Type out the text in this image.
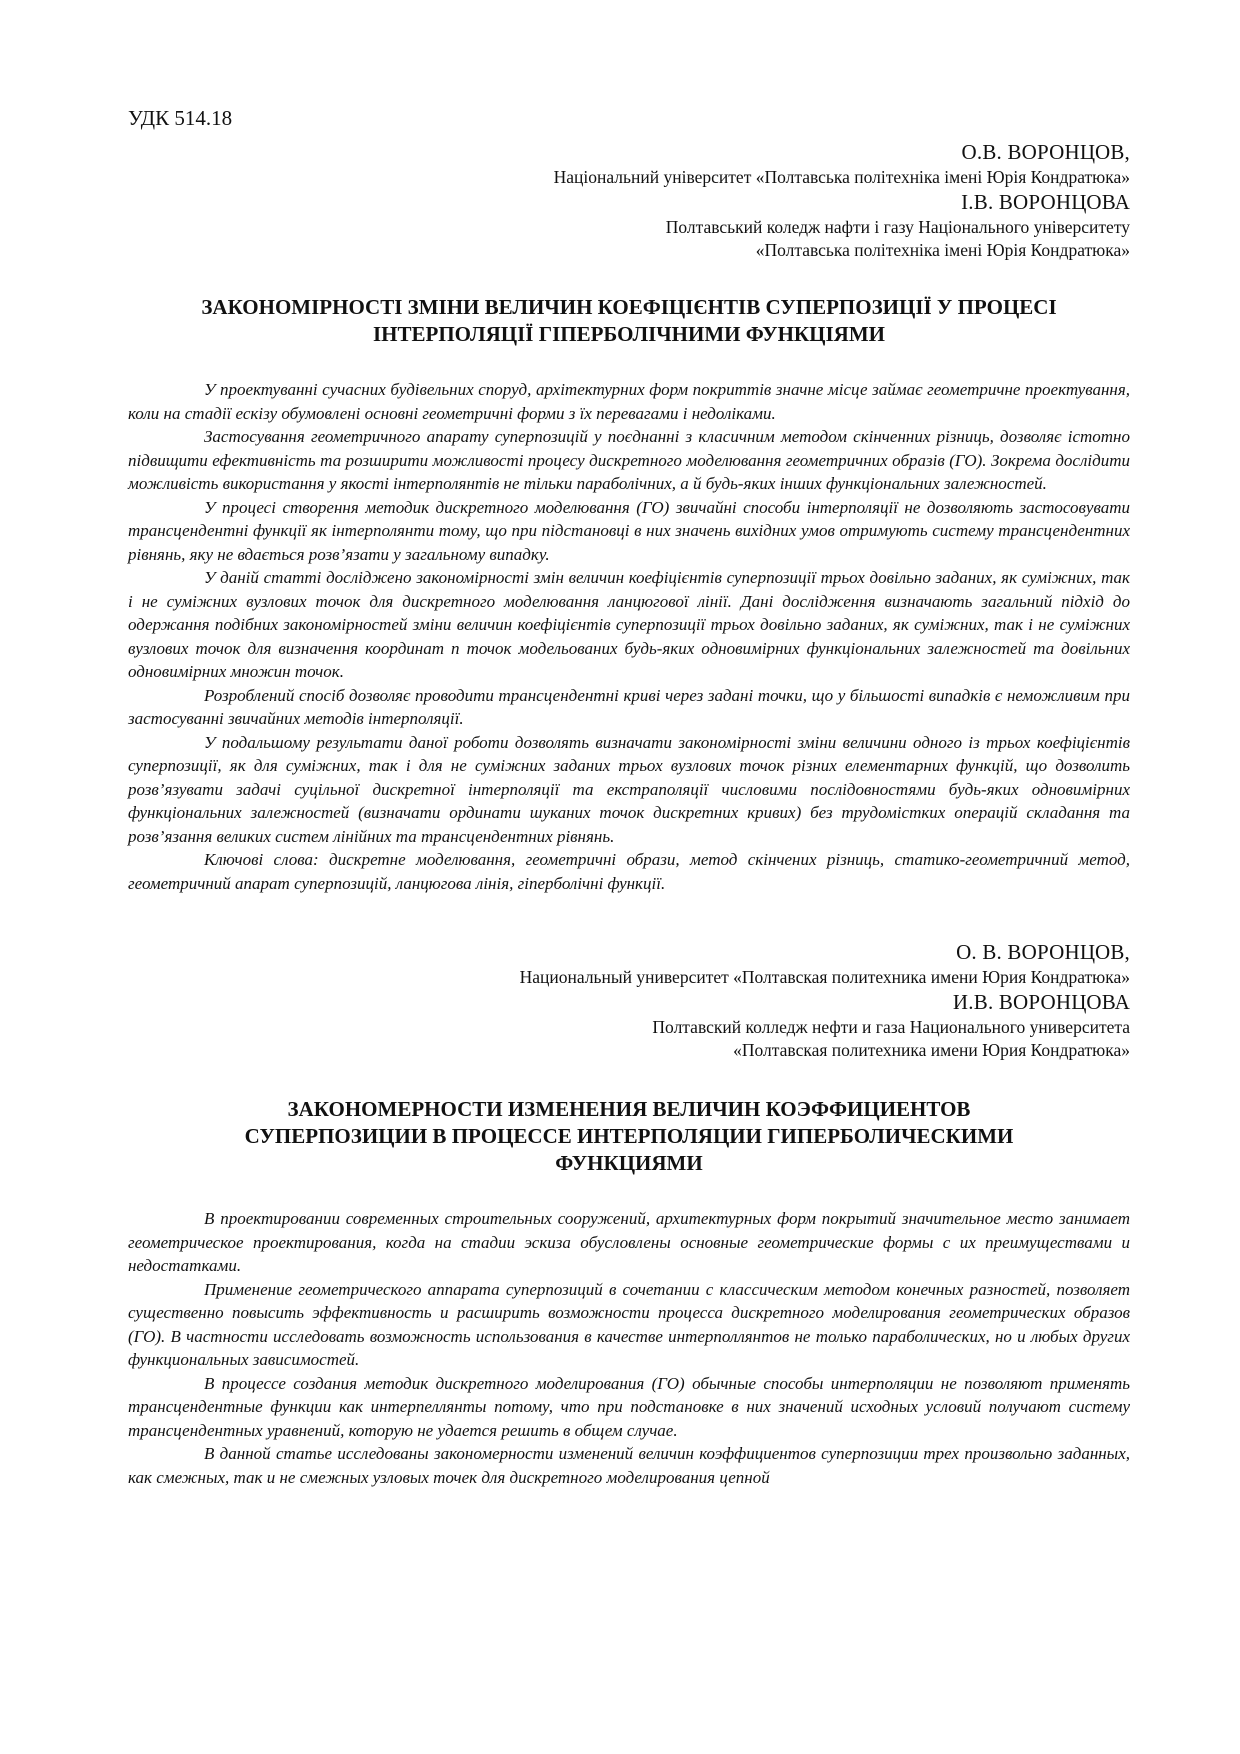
УДК 514.18
О.В. ВОРОНЦОВ,
Національний університет «Полтавська політехніка імені Юрія Кондратюка»
І.В. ВОРОНЦОВА
Полтавський коледж нафти і газу Національного університету
«Полтавська політехніка імені Юрія Кондратюка»
ЗАКОНОМІРНОСТІ ЗМІНИ ВЕЛИЧИН КОЕФІЦІЄНТІВ СУПЕРПОЗИЦІЇ У ПРОЦЕСІ
ІНТЕРПОЛЯЦІЇ ГІПЕРБОЛІЧНИМИ ФУНКЦІЯМИ

У проектуванні сучасних будівельних споруд, архітектурних форм покриттів значне місце займає геометричне проектування, коли на стадії ескізу обумовлені основні геометричні форми з їх перевагами і недоліками.

Застосування геометричного апарату суперпозицій у поєднанні з класичним методом скінченних різниць, дозволяє істотно підвищити ефективність та розширити можливості процесу дискретного моделювання геометричних образів (ГО). Зокрема дослідити можливість використання у якості інтерполянтів не тільки параболічних, а й будь-яких інших функціональних залежностей.

У процесі створення методик дискретного моделювання (ГО) звичайні способи інтерполяції не дозволяють застосовувати трансцендентні функції як інтерполянти тому, що при підстановці в них значень вихідних умов отримують систему трансцендентних рівнянь, яку не вдається розв’язати у загальному випадку.

У даній статті досліджено закономірності змін величин коефіцієнтів суперпозиції трьох довільно заданих, як суміжних, так і не суміжних вузлових точок для дискретного моделювання ланцюгової лінії. Дані дослідження визначають загальний підхід до одержання подібних закономірностей зміни величин коефіцієнтів суперпозиції трьох довільно заданих, як суміжних, так і не суміжних вузлових точок для визначення координат n точок модельованих будь-яких одновимірних функціональних залежностей та довільних одновимірних множин точок.

Розроблений спосіб дозволяє проводити трансцендентні криві через задані точки, що у більшості випадків є неможливим при застосуванні звичайних методів інтерполяції.

У подальшому результати даної роботи дозволять визначати закономірності зміни величини одного із трьох коефіцієнтів суперпозиції, як для суміжних, так і для не суміжних заданих трьох вузлових точок різних елементарних функцій, що дозволить розв’язувати задачі суцільної дискретної інтерполяції та екстраполяції числовими послідовностями будь-яких одновимірних функціональних залежностей (визначати ординати шуканих точок дискретних кривих) без трудомістких операцій складання та розв’язання великих систем лінійних та трансцендентних рівнянь.

Ключові слова: дискретне моделювання, геометричні образи, метод скінчених різниць, статико-геометричний метод, геометричний апарат суперпозицій, ланцюгова лінія, гіперболічні функції.

О. В. ВОРОНЦОВ,
Национальный университет «Полтавская политехника имени Юрия Кондратюка»
И.В. ВОРОНЦОВА
Полтавский колледж нефти и газа Национального университета
«Полтавская политехника имени Юрия Кондратюка»
ЗАКОНОМЕРНОСТИ ИЗМЕНЕНИЯ ВЕЛИЧИН КОЭФФИЦИЕНТОВ
СУПЕРПОЗИЦИИ В ПРОЦЕССЕ ИНТЕРПОЛЯЦИИ ГИПЕРБОЛИЧЕСКИМИ
ФУНКЦИЯМИ

В проектировании современных строительных сооружений, архитектурных форм покрытий значительное место занимает геометрическое проектирования, когда на стадии эскиза обусловлены основные геометрические формы с их преимуществами и недостатками.

Применение геометрического аппарата суперпозиций в сочетании с классическим методом конечных разностей, позволяет существенно повысить эффективность и расширить возможности процесса дискретного моделирования геометрических образов (ГО). В частности исследовать возможность использования в качестве интерполлянтов не только параболических, но и любых других функциональных зависимостей.

В процессе создания методик дискретного моделирования (ГО) обычные способы интерполяции не позволяют применять трансцендентные функции как интерпеллянты потому, что при подстановке в них значений исходных условий получают систему трансцендентных уравнений, которую не удается решить в общем случае.

В данной статье исследованы закономерности изменений величин коэффициентов суперпозиции трех произвольно заданных, как смежных, так и не смежных узловых точек для дискретного моделирования цепной
